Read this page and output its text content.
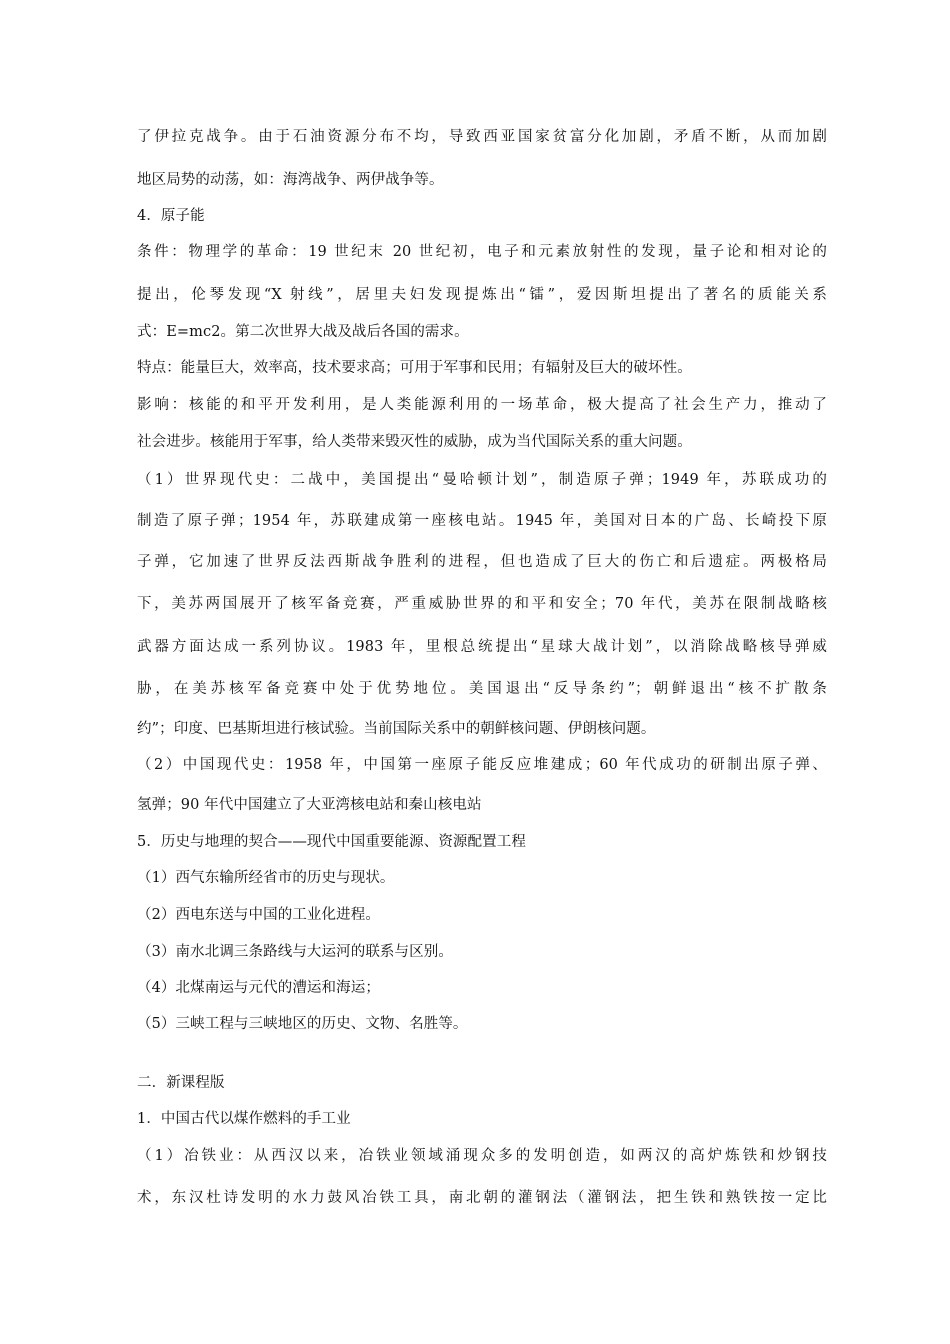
了伊拉克战争。由于石油资源分布不均，导致西亚国家贫富分化加剧，矛盾不断，从而加剧
地区局势的动荡，如：海湾战争、两伊战争等。
4．原子能
条件：物理学的革命：19 世纪末 20 世纪初，电子和元素放射性的发现，量子论和相对论的
提出，伦琴发现“X 射线”，居里夫妇发现提炼出“镭”，爱因斯坦提出了著名的质能关系
式：E=mc2。第二次世界大战及战后各国的需求。
特点：能量巨大，效率高，技术要求高；可用于军事和民用；有辐射及巨大的破坏性。
影响：核能的和平开发利用，是人类能源利用的一场革命，极大提高了社会生产力，推动了
社会进步。核能用于军事，给人类带来毁灭性的威胁，成为当代国际关系的重大问题。
（1）世界现代史：二战中，美国提出“曼哈顿计划”，制造原子弹；1949 年，苏联成功的
制造了原子弹；1954 年，苏联建成第一座核电站。1945 年，美国对日本的广岛、长崎投下原
子弹，它加速了世界反法西斯战争胜利的进程，但也造成了巨大的伤亡和后遗症。两极格局
下，美苏两国展开了核军备竞赛，严重威胁世界的和平和安全；70 年代，美苏在限制战略核
武器方面达成一系列协议。1983 年，里根总统提出“星球大战计划”，以消除战略核导弹威
胁，在美苏核军备竞赛中处于优势地位。美国退出“反导条约”；朝鲜退出“核不扩散条
约”；印度、巴基斯坦进行核试验。当前国际关系中的朝鲜核问题、伊朗核问题。
（2）中国现代史：1958 年，中国第一座原子能反应堆建成；60 年代成功的研制出原子弹、
氢弹；90 年代中国建立了大亚湾核电站和秦山核电站
5．历史与地理的契合——现代中国重要能源、资源配置工程
（1）西气东输所经省市的历史与现状。
（2）西电东送与中国的工业化进程。
（3）南水北调三条路线与大运河的联系与区别。
（4）北煤南运与元代的漕运和海运；
（5）三峡工程与三峡地区的历史、文物、名胜等。
二．新课程版
1．中国古代以煤作燃料的手工业
（1）冶铁业：从西汉以来，冶铁业领域涌现众多的发明创造，如两汉的高炉炼铁和炒钢技
术，东汉杜诗发明的水力鼓风冶铁工具，南北朝的灌钢法（灌钢法，把生铁和熟铁按一定比
